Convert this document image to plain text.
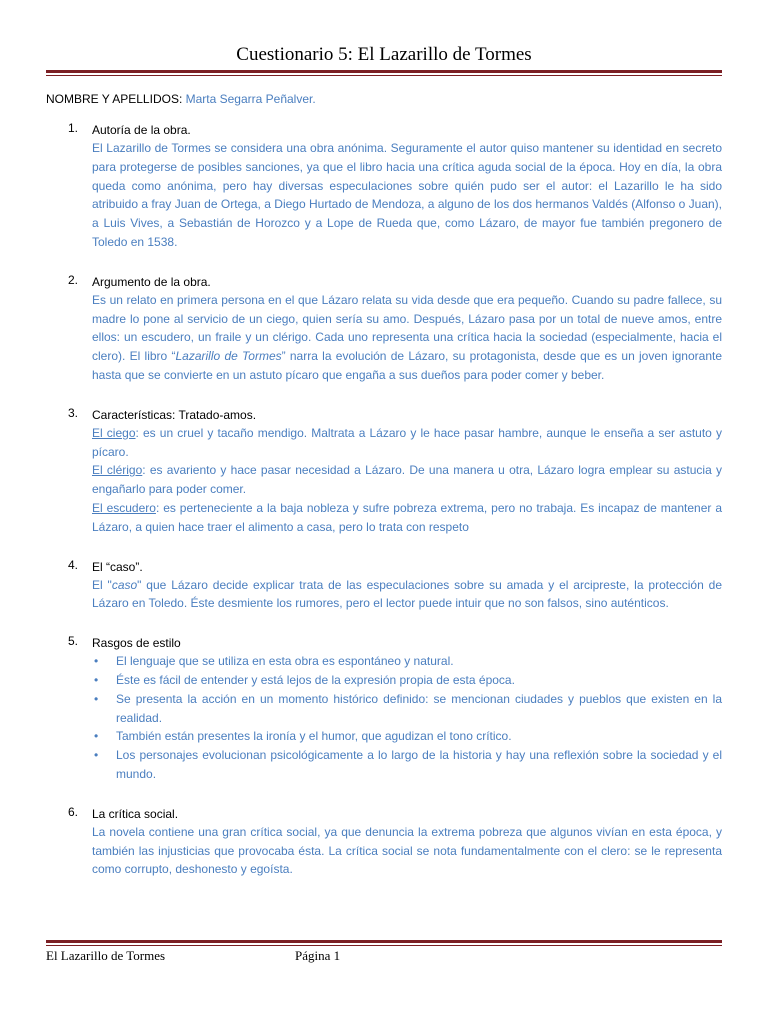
Cuestionario 5: El Lazarillo de Tormes
NOMBRE Y APELLIDOS: Marta Segarra Peñalver.
1. Autoría de la obra.
El Lazarillo de Tormes se considera una obra anónima. Seguramente el autor quiso mantener su identidad en secreto para protegerse de posibles sanciones, ya que el libro hacia una crítica aguda social de la época. Hoy en día, la obra queda como anónima, pero hay diversas especulaciones sobre quién pudo ser el autor: el Lazarillo le ha sido atribuido a fray Juan de Ortega, a Diego Hurtado de Mendoza, a alguno de los dos hermanos Valdés (Alfonso o Juan), a Luis Vives, a Sebastián de Horozco y a Lope de Rueda que, como Lázaro, de mayor fue también pregonero de Toledo en 1538.
2. Argumento de la obra.
Es un relato en primera persona en el que Lázaro relata su vida desde que era pequeño. Cuando su padre fallece, su madre lo pone al servicio de un ciego, quien sería su amo. Después, Lázaro pasa por un total de nueve amos, entre ellos: un escudero, un fraile y un clérigo. Cada uno representa una crítica hacia la sociedad (especialmente, hacia el clero). El libro “Lazarillo de Tormes” narra la evolución de Lázaro, su protagonista, desde que es un joven ignorante hasta que se convierte en un astuto pícaro que engaña a sus dueños para poder comer y beber.
3. Características: Tratado-amos.
El ciego: es un cruel y tacaño mendigo. Maltrata a Lázaro y le hace pasar hambre, aunque le enseña a ser astuto y pícaro.
El clérigo: es avariento y hace pasar necesidad a Lázaro. De una manera u otra, Lázaro logra emplear su astucia y engañarlo para poder comer.
El escudero: es perteneciente a la baja nobleza y sufre pobreza extrema, pero no trabaja. Es incapaz de mantener a Lázaro, a quien hace traer el alimento a casa, pero lo trata con respeto
4. El “caso”.
El "caso" que Lázaro decide explicar trata de las especulaciones sobre su amada y el arcipreste, la protección de Lázaro en Toledo. Éste desmiente los rumores, pero el lector puede intuir que no son falsos, sino auténticos.
5. Rasgos de estilo
• El lenguaje que se utiliza en esta obra es espontáneo y natural.
• Éste es fácil de entender y está lejos de la expresión propia de esta época.
• Se presenta la acción en un momento histórico definido: se mencionan ciudades y pueblos que existen en la realidad.
• También están presentes la ironía y el humor, que agudizan el tono crítico.
• Los personajes evolucionan psicológicamente a lo largo de la historia y hay una reflexión sobre la sociedad y el mundo.
6. La crítica social.
La novela contiene una gran crítica social, ya que denuncia la extrema pobreza que algunos vivían en esta época, y también las injusticias que provocaba ésta. La crítica social se nota fundamentalmente con el clero: se le representa como corrupto, deshonesto y egoísta.
El Lazarillo de Tormes	Página 1
